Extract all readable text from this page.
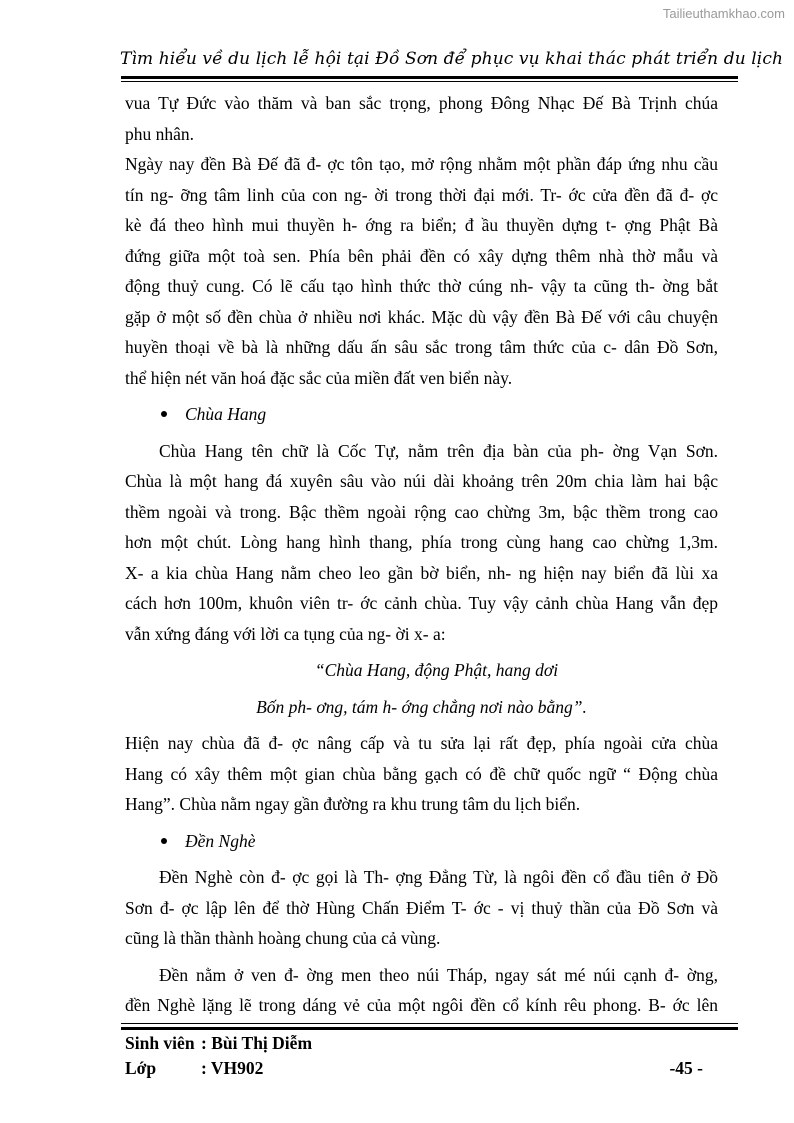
Tailieuthamkhao.com
Tìm hiểu về du lịch lễ hội tại Đồ Sơn để phục vụ khai thác phát triển du lịch
vua Tự Đức vào thăm và ban sắc trọng, phong Đông Nhạc Đế Bà Trịnh chúa
phu nhân.
Ngày nay đền Bà Đế đã đ- ợc tôn tạo, mở rộng nhằm một phần đáp ứng nhu cầu
tín ng- ỡng tâm linh của con ng- ời trong thời đại mới. Tr- ớc cửa đền đã đ- ợc
kè đá theo hình mui thuyền h- ớng ra biển; đ ầu thuyền dựng t- ợng Phật Bà
đứng giữa một toà sen. Phía bên phải đền có xây dựng thêm nhà thờ mẫu và
động thuỷ cung. Có lẽ cấu tạo hình thức thờ cúng nh- vậy ta cũng th- ờng bắt
gặp ở một số đền chùa ở nhiều nơi khác. Mặc dù vậy đền Bà Đế với câu chuyện
huyền thoại về bà là những dấu ấn sâu sắc trong tâm thức của c- dân Đồ Sơn,
thể hiện nét văn hoá đặc sắc của miền đất ven biển này.
Chùa Hang
Chùa Hang tên chữ là Cốc Tự, nằm trên địa bàn của ph- ờng Vạn Sơn.
Chùa là một hang đá xuyên sâu vào núi dài khoảng trên 20m chia làm hai bậc
thềm ngoài và trong. Bậc thềm ngoài rộng cao chừng 3m, bậc thềm trong cao
hơn một chút. Lòng hang hình thang, phía trong cùng hang cao chừng 1,3m.
X- a kia chùa Hang nằm cheo leo gần bờ biển, nh- ng hiện nay biển đã lùi xa
cách hơn 100m, khuôn viên tr- ớc cảnh chùa. Tuy vậy cảnh chùa Hang vẫn đẹp
vẫn xứng đáng với lời ca tụng của ng- ời x- a:
“Chùa Hang, động Phật, hang dơi
Bốn ph- ơng, tám h- ớng chẳng nơi nào bằng”.
Hiện nay chùa đã đ- ợc nâng cấp và tu sửa lại rất đẹp, phía ngoài cửa chùa
Hang có xây thêm một gian chùa bằng gạch có đề chữ quốc ngữ “ Động chùa
Hang”. Chùa nằm ngay gần đường ra khu trung tâm du lịch biển.
Đền Nghè
Đền Nghè còn đ- ợc gọi là Th- ợng Đẳng Từ, là ngôi đền cổ đầu tiên ở Đồ
Sơn đ- ợc lập lên để thờ Hùng Chấn Điểm T- ớc - vị thuỷ thần của Đồ Sơn và
cũng là thần thành hoàng chung của cả vùng.
Đền nằm ở ven đ- ờng men theo núi Tháp, ngay sát mé núi cạnh đ- ờng,
đền Nghè lặng lẽ trong dáng vẻ của một ngôi đền cổ kính rêu phong. B- ớc lên
Sinh viên : Bùi Thị Diễm
Lớp	: VH902	-45 -
